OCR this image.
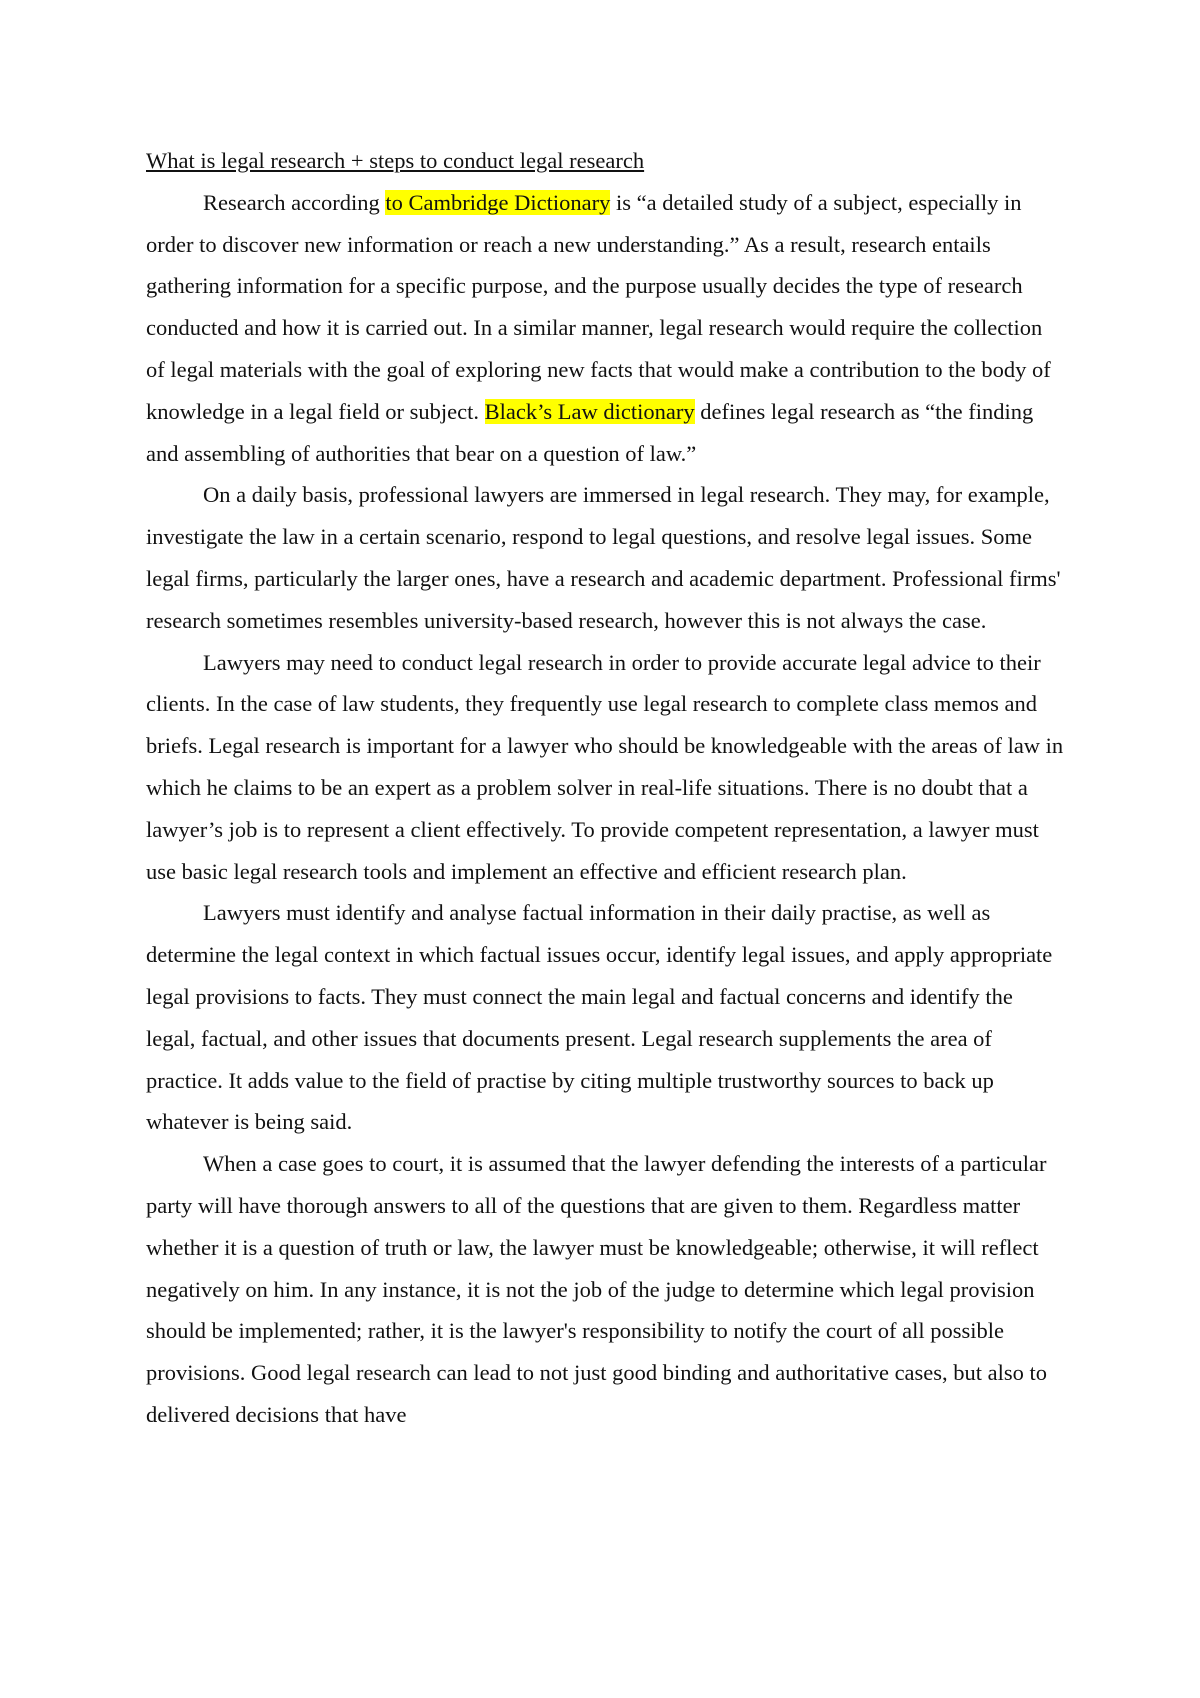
What is legal research + steps to conduct legal research

Research according to Cambridge Dictionary is “a detailed study of a subject, especially in order to discover new information or reach a new understanding.” As a result, research entails gathering information for a specific purpose, and the purpose usually decides the type of research conducted and how it is carried out. In a similar manner, legal research would require the collection of legal materials with the goal of exploring new facts that would make a contribution to the body of knowledge in a legal field or subject. Black’s Law dictionary defines legal research as “the finding and assembling of authorities that bear on a question of law.”

On a daily basis, professional lawyers are immersed in legal research. They may, for example, investigate the law in a certain scenario, respond to legal questions, and resolve legal issues. Some legal firms, particularly the larger ones, have a research and academic department. Professional firms' research sometimes resembles university-based research, however this is not always the case.

Lawyers may need to conduct legal research in order to provide accurate legal advice to their clients. In the case of law students, they frequently use legal research to complete class memos and briefs. Legal research is important for a lawyer who should be knowledgeable with the areas of law in which he claims to be an expert as a problem solver in real-life situations. There is no doubt that a lawyer’s job is to represent a client effectively. To provide competent representation, a lawyer must use basic legal research tools and implement an effective and efficient research plan.

Lawyers must identify and analyse factual information in their daily practise, as well as determine the legal context in which factual issues occur, identify legal issues, and apply appropriate legal provisions to facts. They must connect the main legal and factual concerns and identify the legal, factual, and other issues that documents present. Legal research supplements the area of practice. It adds value to the field of practise by citing multiple trustworthy sources to back up whatever is being said.

When a case goes to court, it is assumed that the lawyer defending the interests of a particular party will have thorough answers to all of the questions that are given to them. Regardless matter whether it is a question of truth or law, the lawyer must be knowledgeable; otherwise, it will reflect negatively on him. In any instance, it is not the job of the judge to determine which legal provision should be implemented; rather, it is the lawyer's responsibility to notify the court of all possible provisions. Good legal research can lead to not just good binding and authoritative cases, but also to delivered decisions that have
